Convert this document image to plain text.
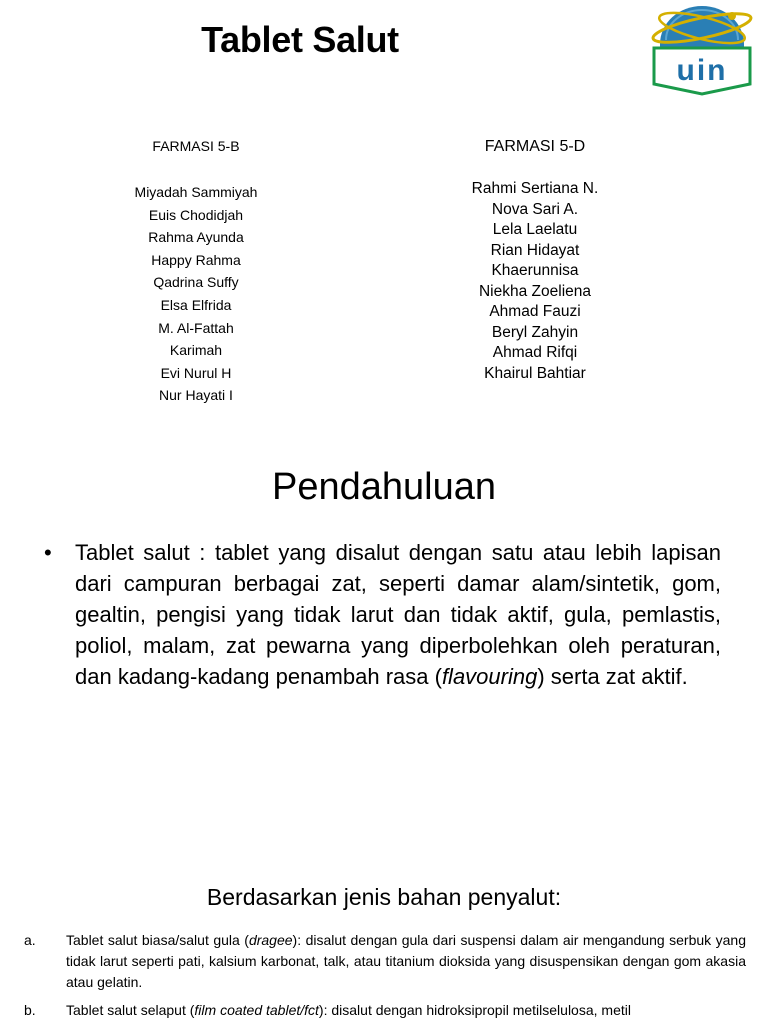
Tablet Salut
uin

FARMASI 5-B

Miyadah Sammiyah
Euis Chodidjah
Rahma Ayunda
Happy Rahma
Qadrina Suffy
Elsa Elfrida
M. Al-Fattah
Karimah
Evi Nurul H
Nur Hayati I

FARMASI 5-D

Rahmi Sertiana N.
Nova Sari A.
Lela Laelatu
Rian Hidayat
Khaerunnisa
Niekha Zoeliena
Ahmad Fauzi
Beryl Zahyin
Ahmad Rifqi
Khairul Bahtiar
Pendahuluan
•	Tablet salut : tablet yang disalut dengan satu atau lebih lapisan dari campuran berbagai zat, seperti damar alam/sintetik, gom, gealtin, pengisi yang tidak larut dan tidak aktif, gula, pemlastis, poliol, malam, zat pewarna yang diperbolehkan oleh peraturan, dan kadang-kadang penambah rasa (flavouring) serta zat aktif.
Berdasarkan jenis bahan penyalut:
a.	Tablet salut biasa/salut gula (dragee): disalut dengan gula dari suspensi dalam air mengandung serbuk yang tidak larut seperti pati, kalsium karbonat, talk, atau titanium dioksida yang disuspensikan dengan gom akasia atau gelatin.
b.	Tablet salut selaput (film coated tablet/fct): disalut dengan hidroksipropil metilselulosa, metil
